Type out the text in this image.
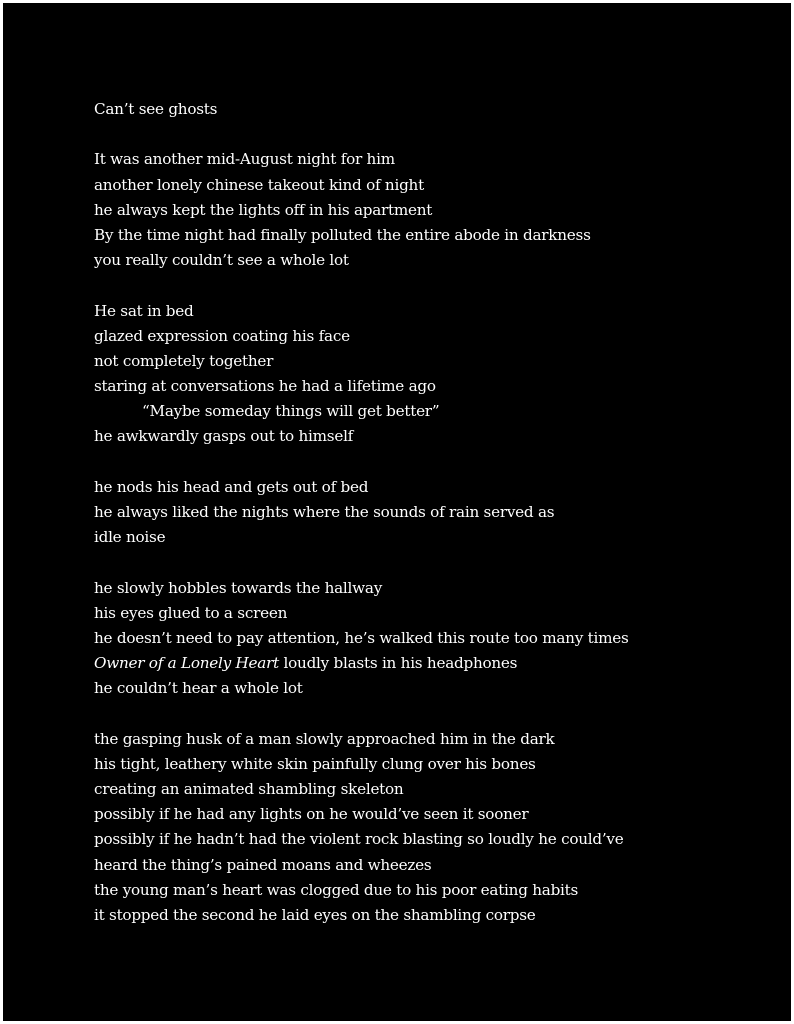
Can’t see ghosts
It was another mid-August night for him
another lonely chinese takeout kind of night
he always kept the lights off in his apartment
By the time night had finally polluted the entire abode in darkness
you really couldn’t see a whole lot
He sat in bed
glazed expression coating his face
not completely together
staring at conversations he had a lifetime ago
“Maybe someday things will get better”
he awkwardly gasps out to himself
he nods his head and gets out of bed
he always liked the nights where the sounds of rain served as
idle noise
he slowly hobbles towards the hallway
his eyes glued to a screen
he doesn’t need to pay attention, he’s walked this route too many times
Owner of a Lonely Heart loudly blasts in his headphones
he couldn’t hear a whole lot
the gasping husk of a man slowly approached him in the dark
his tight, leathery white skin painfully clung over his bones
creating an animated shambling skeleton
possibly if he had any lights on he would’ve seen it sooner
possibly if he hadn’t had the violent rock blasting so loudly he could’ve
heard the thing’s pained moans and wheezes
the young man’s heart was clogged due to his poor eating habits
it stopped the second he laid eyes on the shambling corpse
